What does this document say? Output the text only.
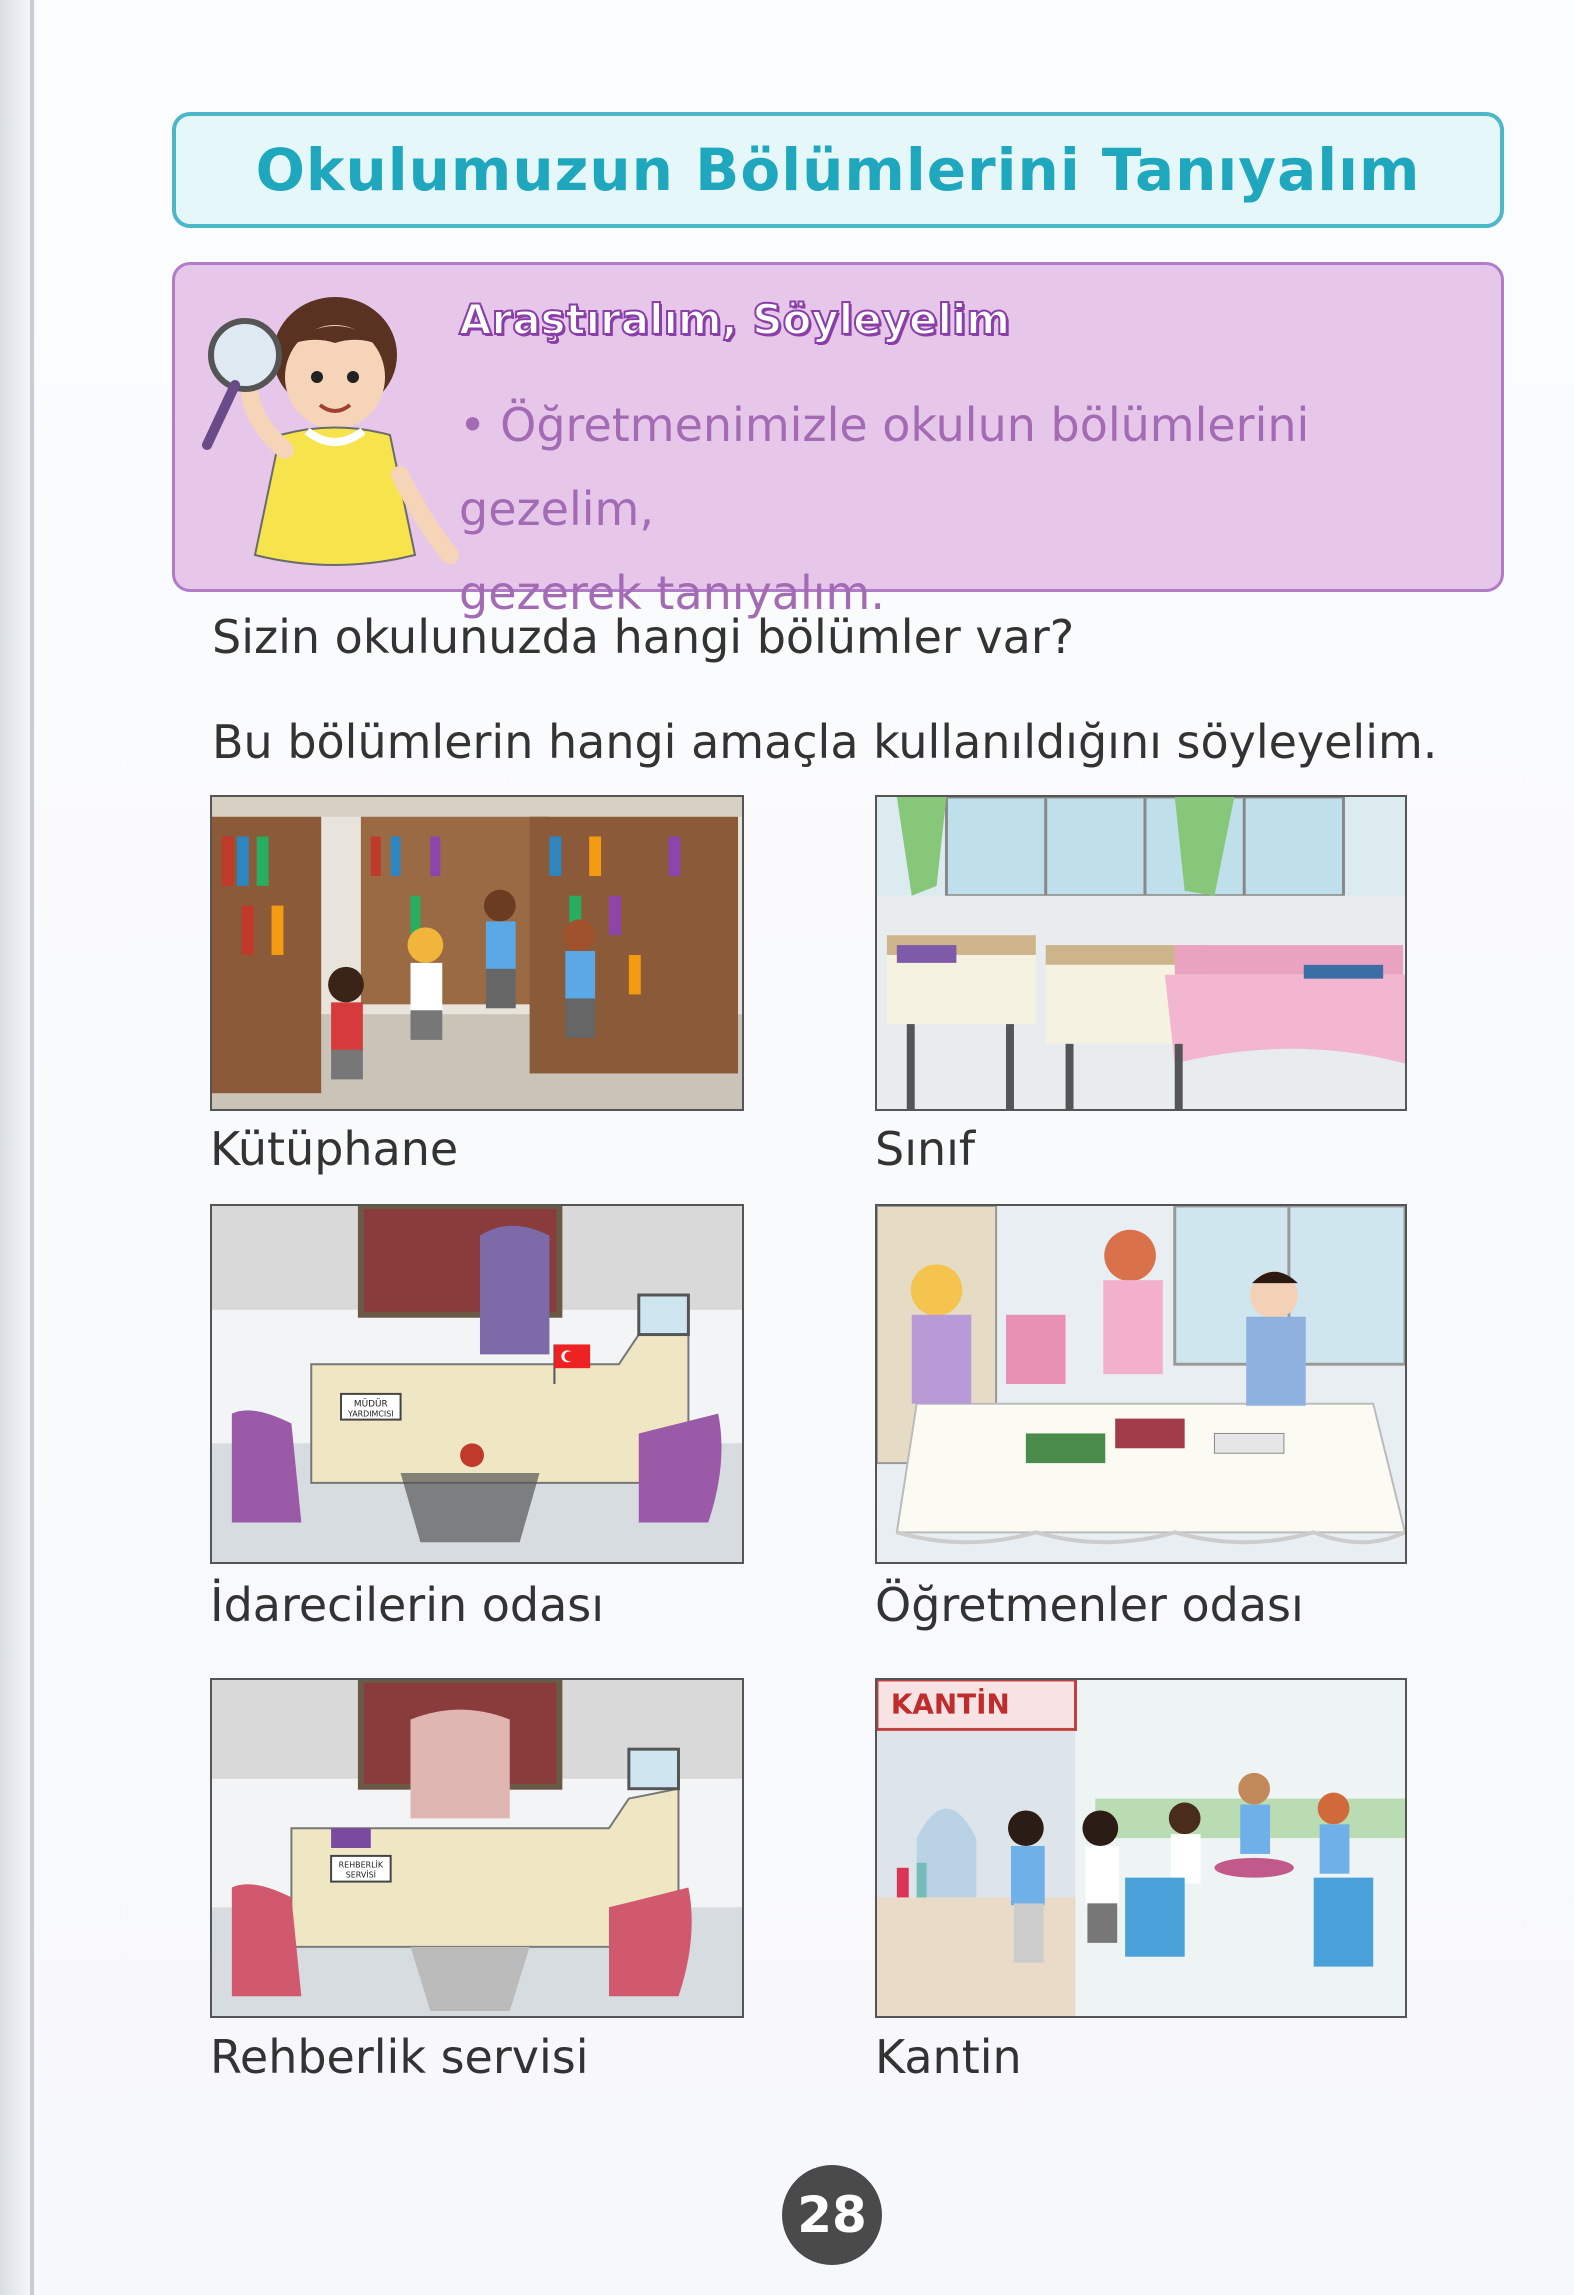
Okulumuzun Bölümlerini Tanıyalım
Araştıralım, Söyleyelim
• Öğretmenimizle okulun bölümlerini gezelim,
gezerek tanıyalım.
Sizin okulunuzda hangi bölümler var?
Bu bölümlerin hangi amaçla kullanıldığını söyleyelim.
Kütüphane	Sınıf
MÜDÜR
YARDIMCISI
İdarecilerin odası	Öğretmenler odası
REHBERLİK
SERVİSİ
Rehberlik servisi
KANTİN
Kantin
28
